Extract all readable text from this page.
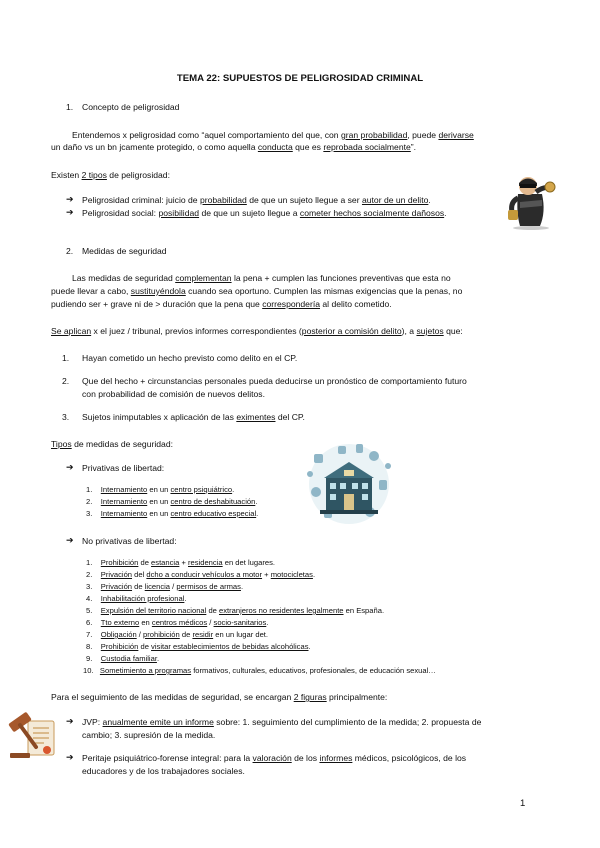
TEMA 22: SUPUESTOS DE PELIGROSIDAD CRIMINAL
1. Concepto de peligrosidad
Entendemos x peligrosidad como “aquel comportamiento del que, con gran probabilidad, puede derivarse
un daño vs un bn jcamente protegido, o como aquella conducta que es reprobada socialmente”.
Existen 2 tipos de peligrosidad:
➔ Peligrosidad criminal: juicio de probabilidad de que un sujeto llegue a ser autor de un delito.
➔ Peligrosidad social: posibilidad de que un sujeto llegue a cometer hechos socialmente dañosos.
2. Medidas de seguridad
Las medidas de seguridad complementan la pena + cumplen las funciones preventivas que esta no
puede llevar a cabo, sustituyéndola cuando sea oportuno. Cumplen las mismas exigencias que la penas, no
pudiendo ser + grave ni de > duración que la pena que correspondería al delito cometido.
Se aplican x el juez / tribunal, previos informes correspondientes (posterior a comisión delito), a sujetos que:
1. Hayan cometido un hecho previsto como delito en el CP.
2. Que del hecho + circunstancias personales pueda deducirse un pronóstico de comportamiento futuro
con probabilidad de comisión de nuevos delitos.
3. Sujetos inimputables x aplicación de las eximentes del CP.
Tipos de medidas de seguridad:
➔ Privativas de libertad:
1. Internamiento en un centro psiquiátrico.
2. Internamiento en un centro de deshabituación.
3. Internamiento en un centro educativo especial.
➔ No privativas de libertad:
1. Prohibición de estancia + residencia en det lugares.
2. Privación del dcho a conducir vehículos a motor + motocicletas.
3. Privación de licencia / permisos de armas.
4. Inhabilitación profesional.
5. Expulsión del territorio nacional de extranjeros no residentes legalmente en España.
6. Tto externo en centros médicos / socio-sanitarios.
7. Obligación / prohibición de residir en un lugar det.
8. Prohibición de visitar establecimientos de bebidas alcohólicas.
9. Custodia familiar.
10. Sometimiento a programas formativos, culturales, educativos, profesionales, de educación sexual…
Para el seguimiento de las medidas de seguridad, se encargan 2 figuras principalmente:
➔ JVP: anualmente emite un informe sobre: 1. seguimiento del cumplimiento de la medida; 2. propuesta de
cambio; 3. supresión de la medida.
➔ Peritaje psiquiátrico-forense integral: para la valoración de los informes médicos, psicológicos, de los
educadores y de los trabajadores sociales.
1
